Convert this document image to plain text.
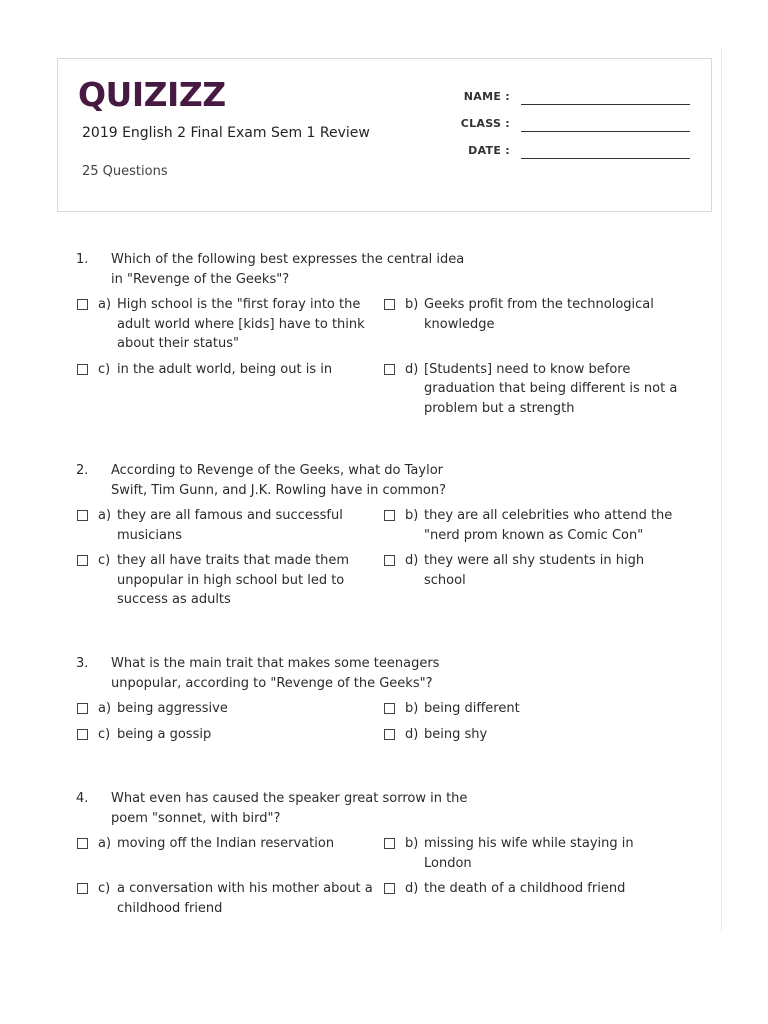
QUIZIZZ
2019 English 2 Final Exam Sem 1 Review
25 Questions
NAME :
CLASS :
DATE :
1. Which of the following best expresses the central idea in "Revenge of the Geeks"?
a) High school is the "first foray into the adult world where [kids] have to think about their status"
b) Geeks profit from the technological knowledge
c) in the adult world, being out is in	d) [Students] need to know before graduation that being different is not a problem but a strength
2. According to Revenge of the Geeks, what do Taylor Swift, Tim Gunn, and J.K. Rowling have in common?
a) they are all famous and successful musicians
b) they are all celebrities who attend the "nerd prom known as Comic Con"
c) they all have traits that made them unpopular in high school but led to success as adults
d) they were all shy students in high school
3. What is the main trait that makes some teenagers unpopular, according to "Revenge of the Geeks"?
a) being aggressive	b) being different
c) being a gossip	d) being shy
4. What even has caused the speaker great sorrow in the poem "sonnet, with bird"?
a) moving off the Indian reservation	b) missing his wife while staying in London
c) a conversation with his mother about a childhood friend
d) the death of a childhood friend
